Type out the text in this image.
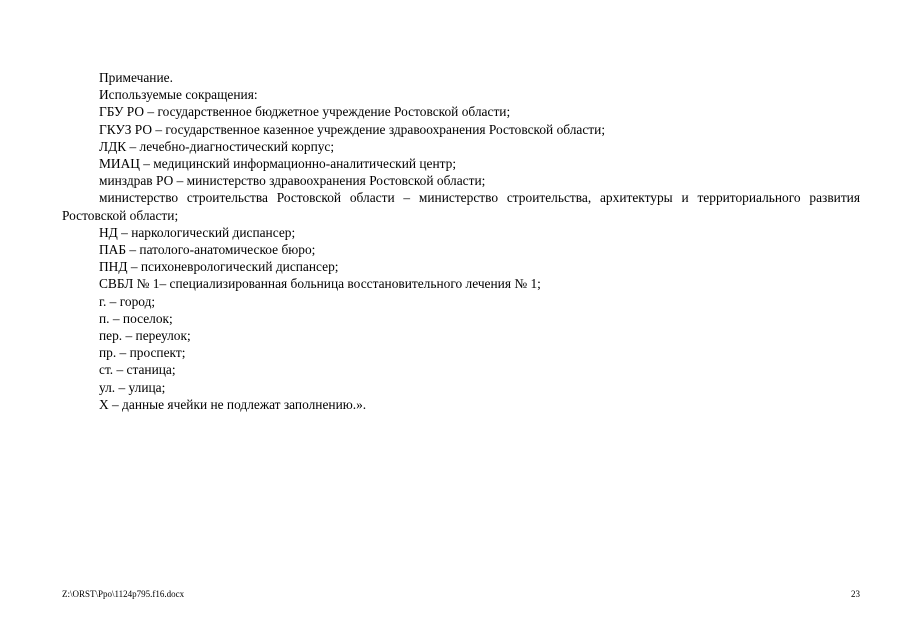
Примечание.

Используемые сокращения:

ГБУ РО – государственное бюджетное учреждение Ростовской области;

ГКУЗ РО – государственное казенное учреждение здравоохранения Ростовской области;

ЛДК – лечебно-диагностический корпус;

МИАЦ – медицинский информационно-аналитический центр;

минздрав РО – министерство здравоохранения Ростовской области;

министерство строительства Ростовской области – министерство строительства, архитектуры и территориального развития Ростовской области;

НД – наркологический диспансер;

ПАБ – патолого-анатомическое бюро;

ПНД – психоневрологический диспансер;

СВБЛ № 1– специализированная больница восстановительного лечения № 1;

г. – город;

п. – поселок;

пер. – переулок;

пр. – проспект;

ст. – станица;

ул. – улица;

Х – данные ячейки не подлежат заполнению.».

Z:\ORST\Ppo\1124p795.f16.docx	23
